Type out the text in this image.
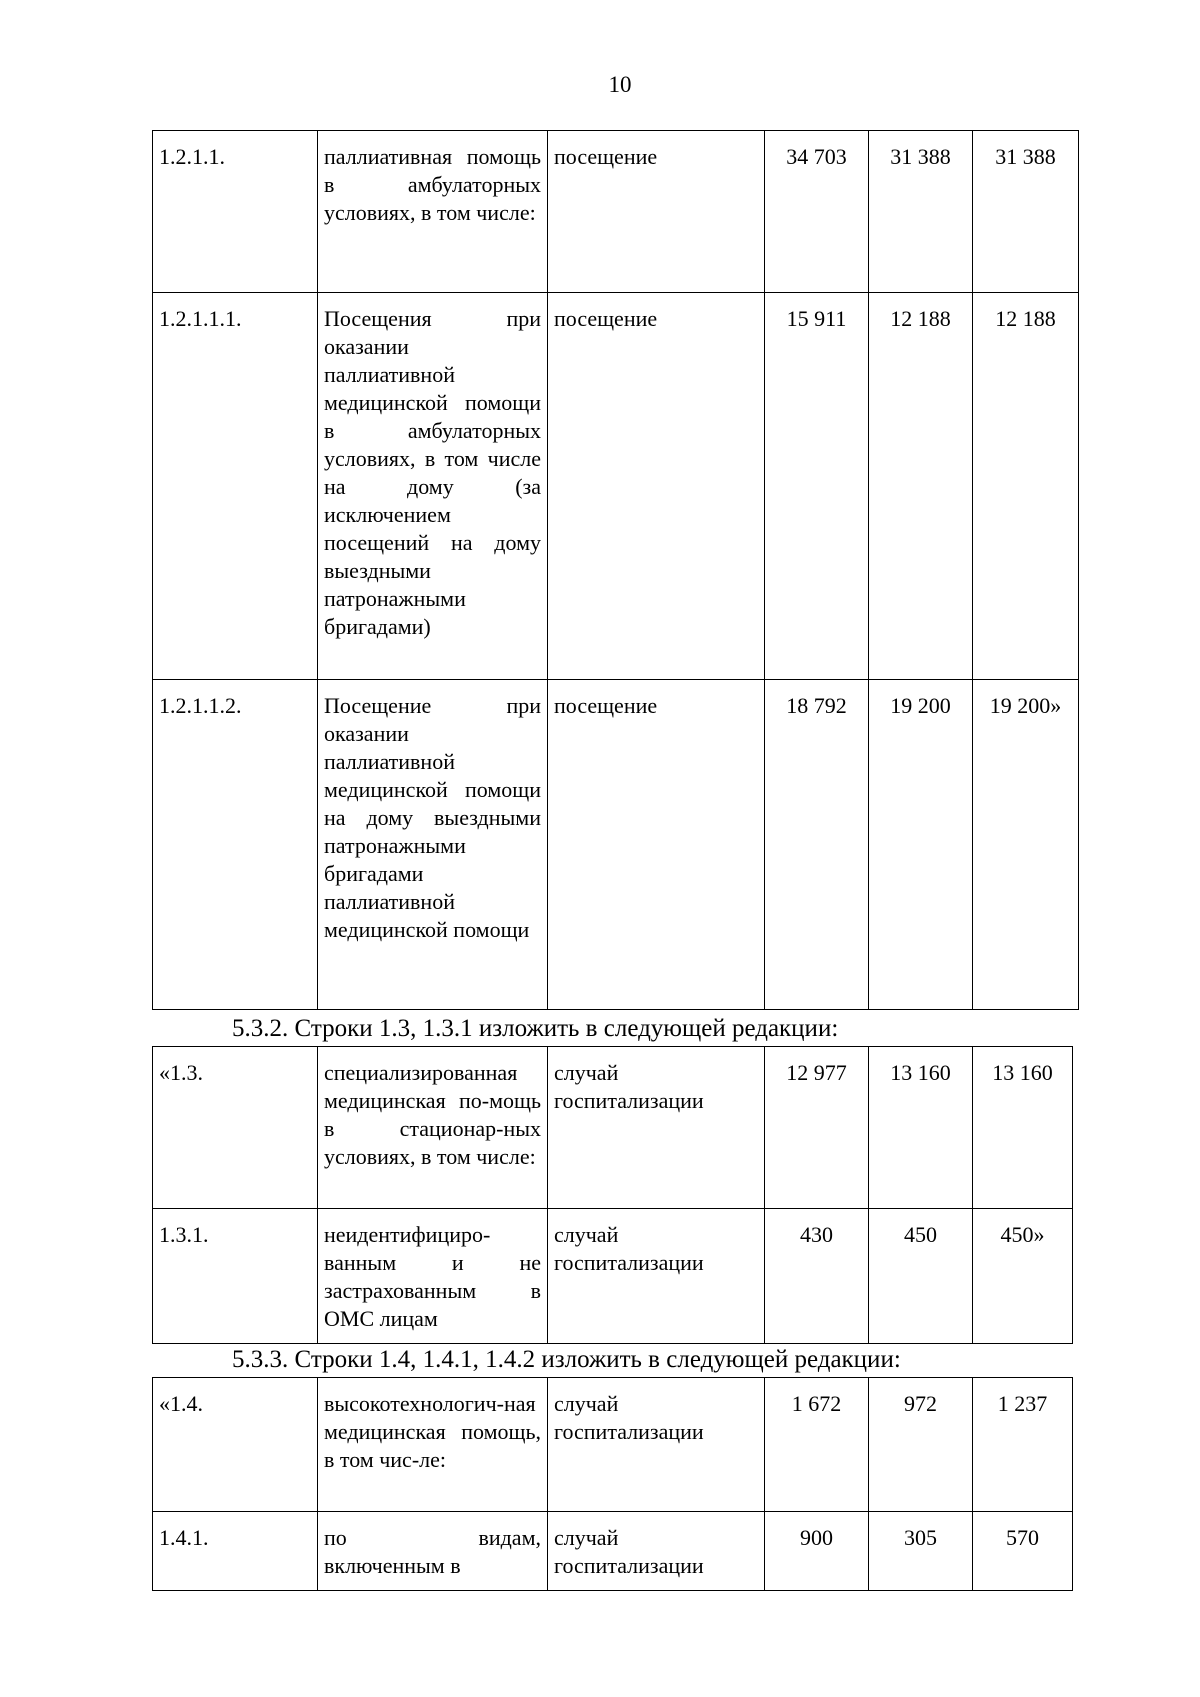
10
1.2.1.1.	паллиативная помощь в амбулаторных условиях, в том числе:	посещение	34 703	31 388	31 388
1.2.1.1.1.	Посещения при оказании паллиативной медицинской помощи в амбулаторных условиях, в том числе на дому (за исключением посещений на дому выездными патронажными бригадами)	посещение	15 911	12 188	12 188
1.2.1.1.2.	Посещение при оказании паллиативной медицинской помощи на дому выездными патронажными бригадами паллиативной медицинской помощи	посещение	18 792	19 200	19 200»
5.3.2. Строки 1.3, 1.3.1 изложить в следующей редакции:
«1.3.	специализированная медицинская по-мощь в стационар-ных условиях, в том числе:	случай госпитализации	12 977	13 160	13 160
1.3.1.	неидентифициро-ванным и не застрахованным в ОМС лицам	случай госпитализации	430	450	450»
5.3.3. Строки 1.4, 1.4.1, 1.4.2 изложить в следующей редакции:
«1.4.	высокотехнологич-ная медицинская помощь, в том чис-ле:	случай госпитализации	1 672	972	1 237
1.4.1.	по видам, включенным в	случай госпитализации	900	305	570
